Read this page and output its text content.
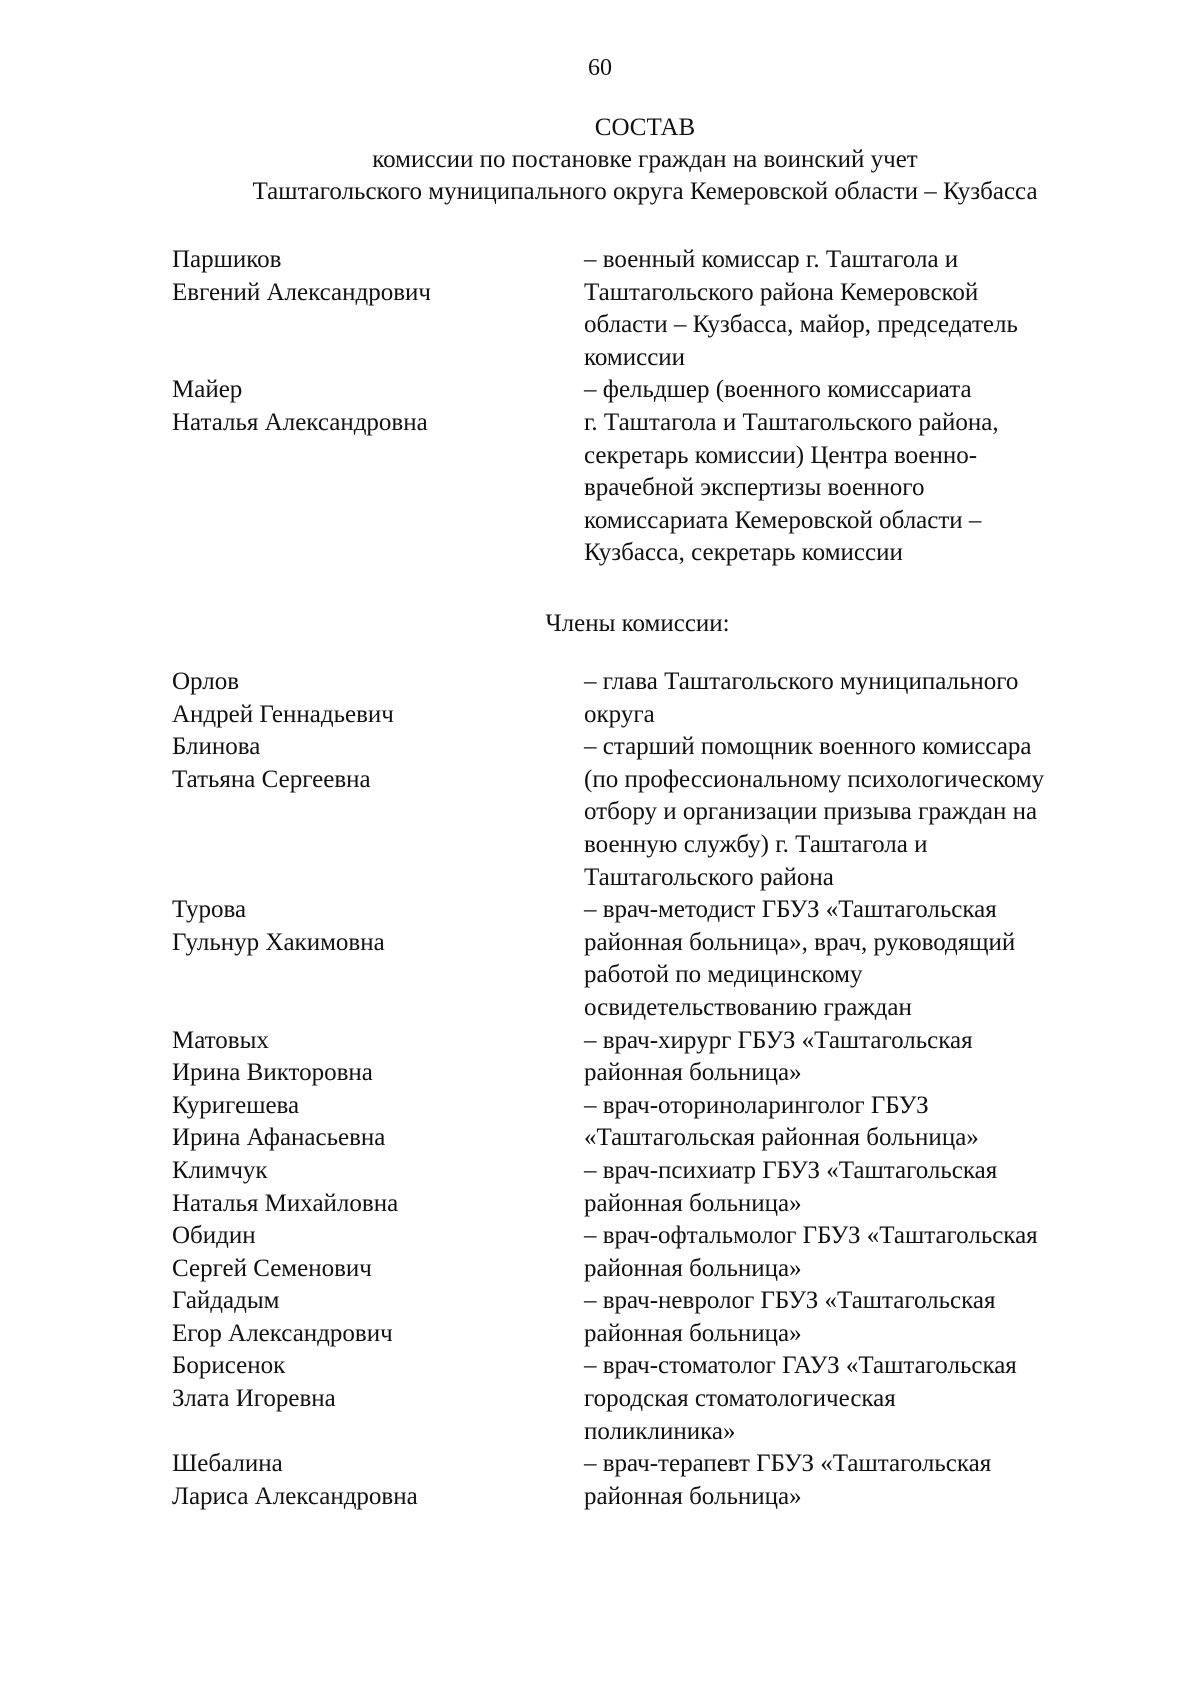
60
СОСТАВ
комиссии по постановке граждан на воинский учет
Таштагольского муниципального округа Кемеровской области – Кузбасса
Паршиков
Евгений Александрович
– военный комиссар г. Таштагола и
Таштагольского района Кемеровской
области – Кузбасса, майор, председатель
комиссии
Майер
Наталья Александровна
– фельдшер (военного комиссариата
г. Таштагола и Таштагольского района,
секретарь комиссии) Центра военно-
врачебной экспертизы военного
комиссариата Кемеровской области –
Кузбасса, секретарь комиссии
Члены комиссии:
Орлов
Андрей Геннадьевич
– глава Таштагольского муниципального
округа
Блинова
Татьяна Сергеевна
– старший помощник военного комиссара
(по профессиональному психологическому
отбору и организации призыва граждан на
военную службу) г. Таштагола и
Таштагольского района
Турова
Гульнур Хакимовна
– врач-методист ГБУЗ «Таштагольская
районная больница», врач, руководящий
работой по медицинскому
освидетельствованию граждан
Матовых
Ирина Викторовна
– врач-хирург ГБУЗ «Таштагольская
районная больница»
Куригешева
Ирина Афанасьевна
– врач-оториноларинголог ГБУЗ
«Таштагольская районная больница»
Климчук
Наталья Михайловна
– врач-психиатр ГБУЗ «Таштагольская
районная больница»
Обидин
Сергей Семенович
– врач-офтальмолог ГБУЗ «Таштагольская
районная больница»
Гайдадым
Егор Александрович
– врач-невролог ГБУЗ «Таштагольская
районная больница»
Борисенок
Злата Игоревна
– врач-стоматолог ГАУЗ «Таштагольская
городская стоматологическая
поликлиника»
Шебалина
Лариса Александровна
– врач-терапевт ГБУЗ «Таштагольская
районная больница»
